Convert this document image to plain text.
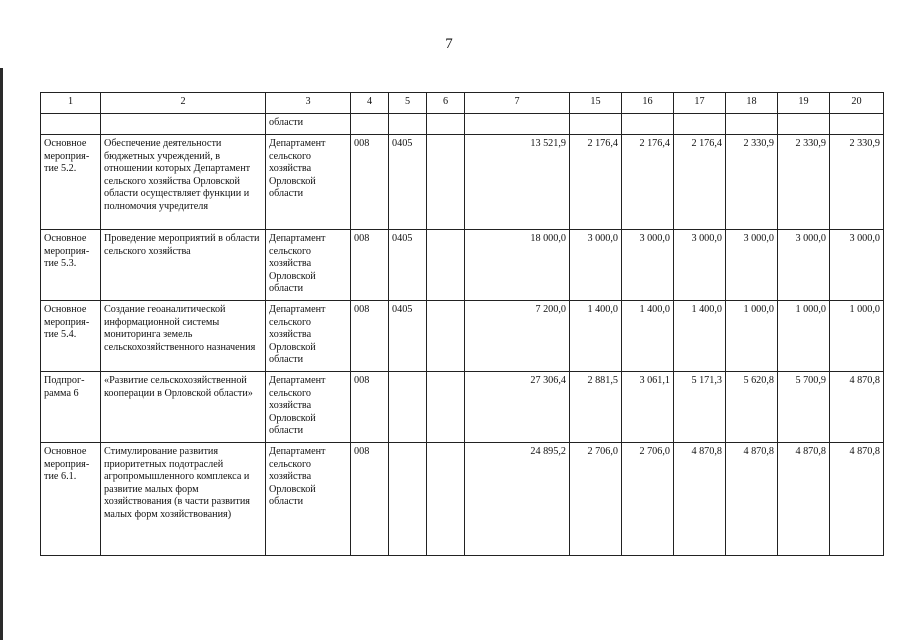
7
1	2	3	4	5	6	7	15	16	17	18	19	20
		области										
Основное мероприя-тие 5.2.	Обеспечение деятельности бюджетных учреждений, в отношении которых Департамент сельского хозяйства Орловской области осуществляет функции и полномочия учредителя	Департамент сельского хозяйства Орловской области	008	0405		13 521,9	2 176,4	2 176,4	2 176,4	2 330,9	2 330,9	2 330,9
Основное мероприя-тие 5.3.	Проведение мероприятий в области сельского хозяйства	Департамент сельского хозяйства Орловской области	008	0405		18 000,0	3 000,0	3 000,0	3 000,0	3 000,0	3 000,0	3 000,0
Основное мероприя-тие 5.4.	Создание геоаналитической информационной системы мониторинга земель сельскохозяйственного назначения	Департамент сельского хозяйства Орловской области	008	0405		7 200,0	1 400,0	1 400,0	1 400,0	1 000,0	1 000,0	1 000,0
Подпрог-рамма 6	«Развитие сельскохозяйственной кооперации в Орловской области»	Департамент сельского хозяйства Орловской области	008			27 306,4	2 881,5	3 061,1	5 171,3	5 620,8	5 700,9	4 870,8
Основное мероприя-тие 6.1.	Стимулирование развития приоритетных подотраслей агропромышленного комплекса и развитие малых форм хозяйствования (в части развития малых форм хозяйствования)	Департамент сельского хозяйства Орловской области	008			24 895,2	2 706,0	2 706,0	4 870,8	4 870,8	4 870,8	4 870,8
